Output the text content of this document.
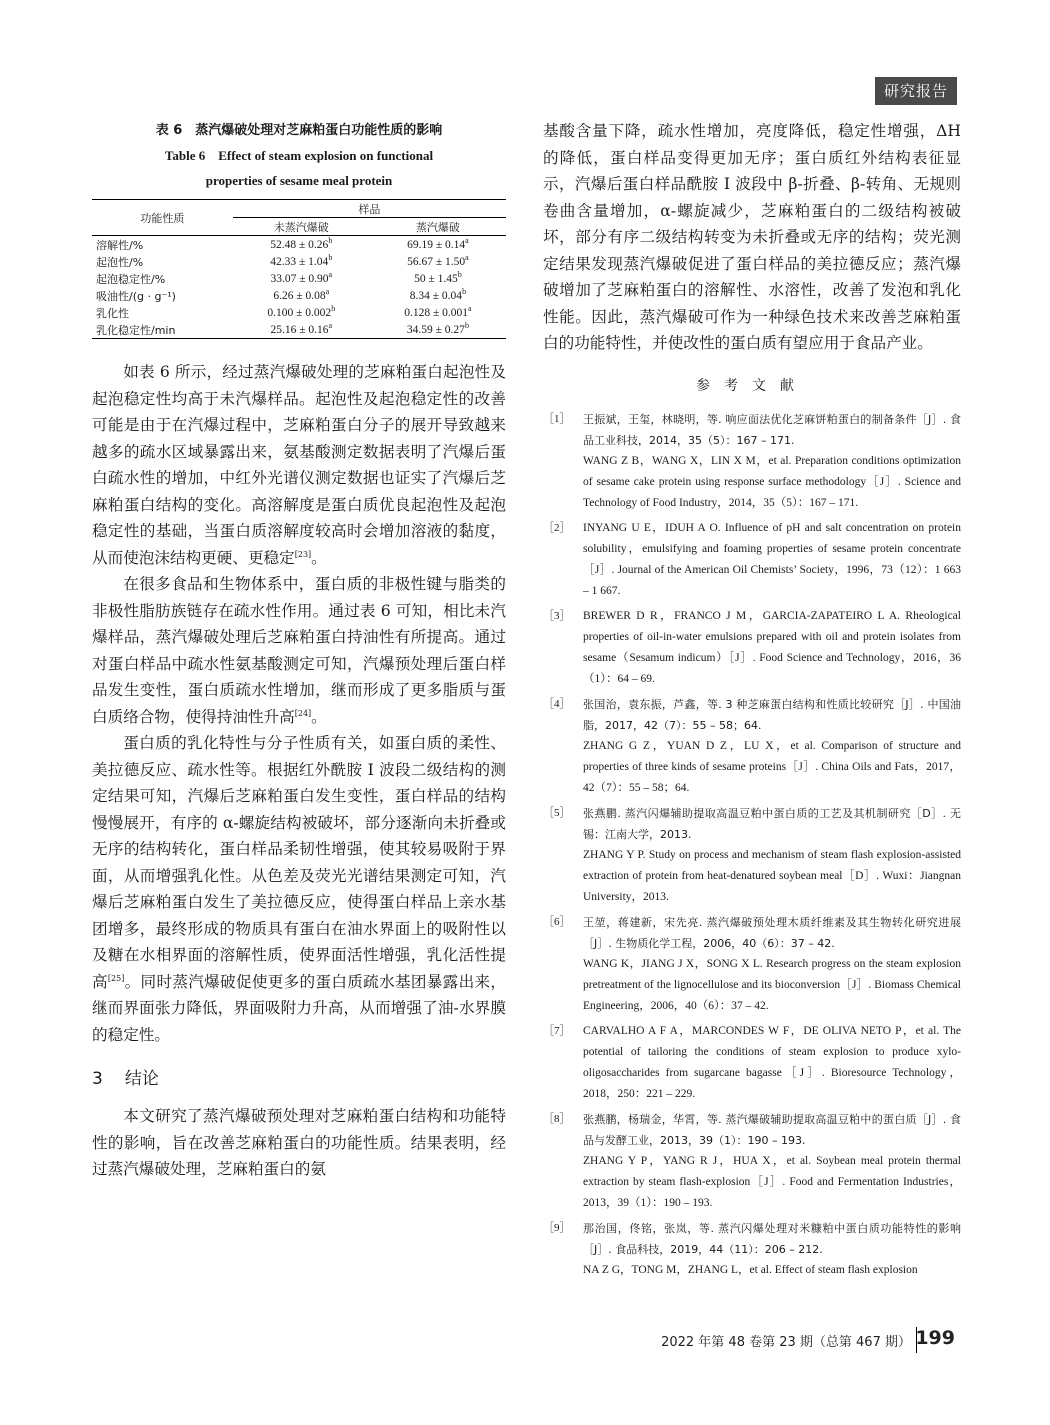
研究报告
表 6　蒸汽爆破处理对芝麻粕蛋白功能性质的影响
Table 6　Effect of steam explosion on functional
properties of sesame meal protein
功能性质	样品	
	未蒸汽爆破	蒸汽爆破
溶解性/%	52.48 ± 0.26$^b$	69.19 ± 0.14$^a$
起泡性/%	42.33 ± 1.04$^b$	56.67 ± 1.50$^a$
起泡稳定性/%	33.07 ± 0.90$^a$	50 ± 1.45$^b$
吸油性/(g · g⁻¹)	6.26 ± 0.08$^a$	8.34 ± 0.04$^b$
乳化性	0.100 ± 0.002$^b$	0.128 ± 0.001$^a$
乳化稳定性/min	25.16 ± 0.16$^a$	34.59 ± 0.27$^b$

如表 6 所示，经过蒸汽爆破处理的芝麻粕蛋白起泡性及起泡稳定性均高于未汽爆样品。起泡性及起泡稳定性的改善可能是由于在汽爆过程中，芝麻粕蛋白分子的展开导致越来越多的疏水区域暴露出来，氨基酸测定数据表明了汽爆后蛋白疏水性的增加，中红外光谱仪测定数据也证实了汽爆后芝麻粕蛋白结构的变化。高溶解度是蛋白质优良起泡性及起泡稳定性的基础，当蛋白质溶解度较高时会增加溶液的黏度，从而使泡沫结构更硬、更稳定[23]。

在很多食品和生物体系中，蛋白质的非极性键与脂类的非极性脂肪族链存在疏水性作用。通过表 6 可知，相比未汽爆样品，蒸汽爆破处理后芝麻粕蛋白持油性有所提高。通过对蛋白样品中疏水性氨基酸测定可知，汽爆预处理后蛋白样品发生变性，蛋白质疏水性增加，继而形成了更多脂质与蛋白质络合物，使得持油性升高[24]。

蛋白质的乳化特性与分子性质有关，如蛋白质的柔性、美拉德反应、疏水性等。根据红外酰胺 I 波段二级结构的测定结果可知，汽爆后芝麻粕蛋白发生变性，蛋白样品的结构慢慢展开，有序的 α-螺旋结构被破坏，部分逐渐向未折叠或无序的结构转化，蛋白样品柔韧性增强，使其较易吸附于界面，从而增强乳化性。从色差及荧光光谱结果测定可知，汽爆后芝麻粕蛋白发生了美拉德反应，使得蛋白样品上亲水基团增多，最终形成的物质具有蛋白在油水界面上的吸附性以及糖在水相界面的溶解性质，使界面活性增强，乳化活性提高[25]。同时蒸汽爆破促使更多的蛋白质疏水基团暴露出来，继而界面张力降低，界面吸附力升高，从而增强了油-水界膜的稳定性。

3 结论

本文研究了蒸汽爆破预处理对芝麻粕蛋白结构和功能特性的影响，旨在改善芝麻粕蛋白的功能性质。结果表明，经过蒸汽爆破处理，芝麻粕蛋白的氨

基酸含量下降，疏水性增加，亮度降低，稳定性增强，ΔH 的降低，蛋白样品变得更加无序；蛋白质红外结构表征显示，汽爆后蛋白样品酰胺 I 波段中 β-折叠、β-转角、无规则卷曲含量增加，α-螺旋减少，芝麻粕蛋白的二级结构被破坏，部分有序二级结构转变为未折叠或无序的结构；荧光测定结果发现蒸汽爆破促进了蛋白样品的美拉德反应；蒸汽爆破增加了芝麻粕蛋白的溶解性、水溶性，改善了发泡和乳化性能。因此，蒸汽爆破可作为一种绿色技术来改善芝麻粕蛋白的功能特性，并使改性的蛋白质有望应用于食品产业。

参考文献
［1］ 王振斌，王玺，林晓明，等. 响应面法优化芝麻饼粕蛋白的制备条件［J］. 食品工业科技，2014，35（5）：167 – 171.
WANG Z B，WANG X，LIN X M，et al. Preparation conditions optimization of sesame cake protein using response surface methodology［J］. Science and Technology of Food Industry，2014，35（5）：167 – 171.
［2］ INYANG U E，IDUH A O. Influence of pH and salt concentration on protein solubility，emulsifying and foaming properties of sesame protein concentrate［J］. Journal of the American Oil Chemists’ Society，1996，73（12）：1 663 – 1 667.
［3］ BREWER D R，FRANCO J M，GARCIA-ZAPATEIRO L A. Rheological properties of oil-in-water emulsions prepared with oil and protein isolates from sesame（Sesamum indicum）［J］. Food Science and Technology，2016，36（1）：64 – 69.
［4］ 张国治，袁东振，芦鑫，等. 3 种芝麻蛋白结构和性质比较研究［J］. 中国油脂，2017，42（7）：55 – 58；64.
ZHANG G Z，YUAN D Z，LU X，et al. Comparison of structure and properties of three kinds of sesame proteins［J］. China Oils and Fats，2017，42（7）：55 – 58；64.
［5］ 张燕鹏. 蒸汽闪爆辅助提取高温豆粕中蛋白质的工艺及其机制研究［D］. 无锡：江南大学，2013.
ZHANG Y P. Study on process and mechanism of steam flash explosion-assisted extraction of protein from heat-denatured soybean meal［D］. Wuxi：Jiangnan University，2013.
［6］ 王堃，蒋建新，宋先亮. 蒸汽爆破预处理木质纤维素及其生物转化研究进展［J］. 生物质化学工程，2006，40（6）：37 – 42.
WANG K，JIANG J X，SONG X L. Research progress on the steam explosion pretreatment of the lignocellulose and its bioconversion［J］. Biomass Chemical Engineering，2006，40（6）：37 – 42.
［7］ CARVALHO A F A，MARCONDES W F，DE OLIVA NETO P，et al. The potential of tailoring the conditions of steam explosion to produce xylo-oligosaccharides from sugarcane bagasse［J］. Bioresource Technology，2018，250：221 – 229.
［8］ 张燕鹏，杨瑞金，华霄，等. 蒸汽爆破辅助提取高温豆粕中的蛋白质［J］. 食品与发酵工业，2013，39（1）：190 – 193.
ZHANG Y P，YANG R J，HUA X，et al. Soybean meal protein thermal extraction by steam flash-explosion［J］. Food and Fermentation Industries，2013，39（1）：190 – 193.
［9］ 那治国，佟铭，张岚，等. 蒸汽闪爆处理对米糠粕中蛋白质功能特性的影响［J］. 食品科技，2019，44（11）：206 – 212.
NA Z G，TONG M，ZHANG L，et al. Effect of steam flash explosion
2022 年第 48 卷第 23 期（总第 467 期） 199
